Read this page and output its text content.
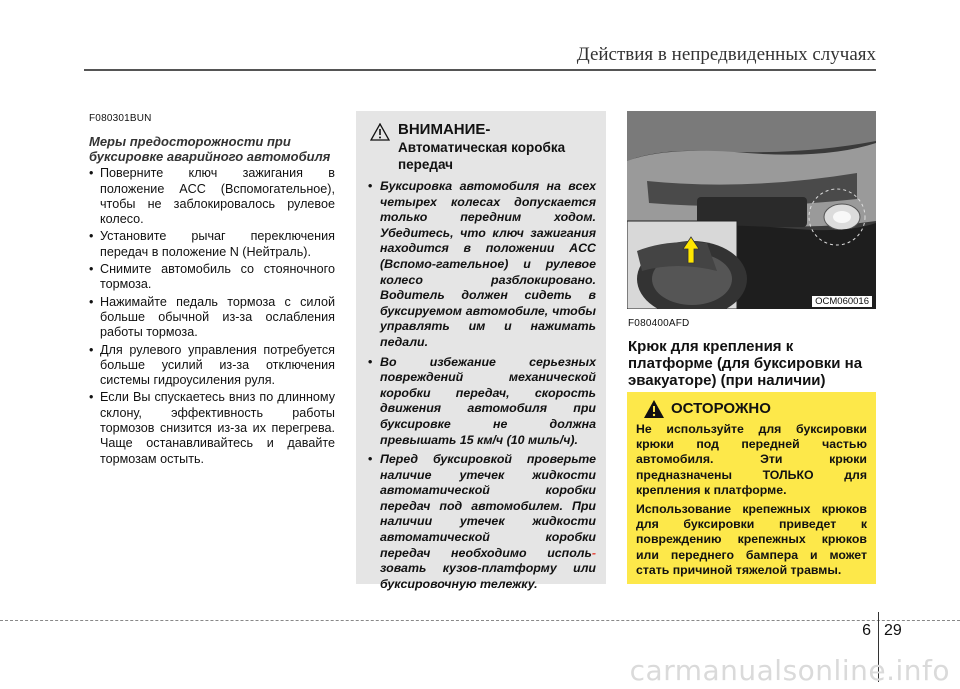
Действия в непредвиденных случаях
F080301BUN
Меры предосторожности при буксировке аварийного автомобиля
• Поверните ключ зажигания в положение ACC (Вспомогательное), чтобы не заблокировалось рулевое колесо.
• Установите рычаг переключения передач в положение N (Нейтраль).
• Снимите автомобиль со стояночного тормоза.
• Нажимайте педаль тормоза с силой больше обычной из-за ослабления работы тормоза.
• Для рулевого управления потребуется больше усилий из-за отключения системы гидроусиления руля.
• Если Вы спускаетесь вниз по длинному склону, эффективность работы тормозов снизится из-за их перегрева. Чаще останавливайтесь и давайте тормозам остыть.
ВНИМАНИЕ-
Автоматическая коробка передач
• Буксировка автомобиля на всех четырех колесах допускается только передним ходом. Убедитесь, что ключ зажигания находится в положении ACC (Вспомо-гательное) и рулевое колесо разблокировано. Водитель должен сидеть в буксируемом автомобиле, чтобы управлять им и нажимать педали.
• Во избежание серьезных повреждений механической коробки передач, скорость движения автомобиля при буксировке не должна превышать 15 км/ч (10 миль/ч).
• Перед буксировкой проверьте наличие утечек жидкости автоматической коробки передач под автомобилем. При наличии утечек жидкости автоматической коробки передач необходимо исполь- зовать кузов-платформу или буксировочную тележку.
OCM060016
F080400AFD
Крюк для крепления к платформе (для буксировки на эвакуаторе) (при наличии)
ОСТОРОЖНО

Не используйте для буксировки крюки под передней частью автомобиля. Эти крюки предназначены ТОЛЬКО для крепления к платформе.

Использование крепежных крюков для буксировки приведет к повреждению крепежных крюков или переднего бампера и может стать причиной тяжелой травмы.

6 29
carmanualsonline.info
